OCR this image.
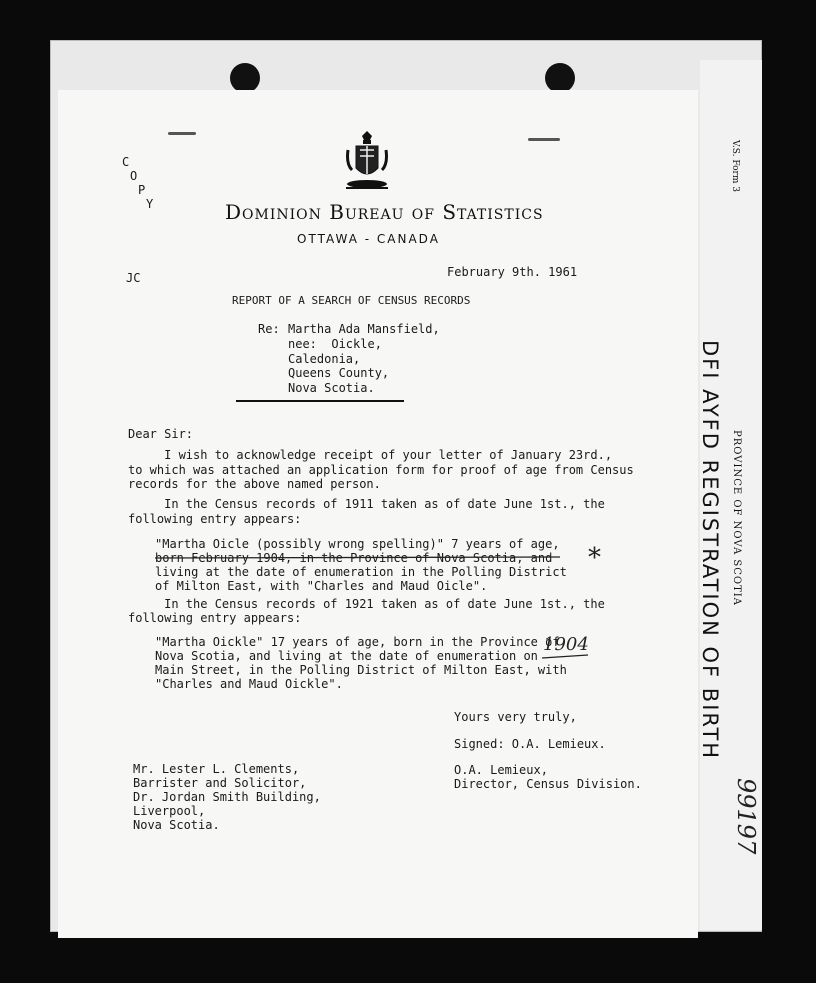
V.S. Form 3
PROVINCE OF NOVA SCOTIA
DFI AYFD REGISTRATION OF BIRTH
99197

C
O
P
Y
JC
Dominion Bureau of Statistics
OTTAWA - CANADA
February 9th. 1961
REPORT OF A SEARCH OF CENSUS RECORDS
Re: Martha Ada Mansfield,
nee:  Oickle,
Caledonia,
Queens County,
Nova Scotia.
Dear Sir:
I wish to acknowledge receipt of your letter of January 23rd.,
to which was attached an application form for proof of age from Census
records for the above named person.
In the Census records of 1911 taken as of date June 1st., the
following entry appears:
"Martha Oicle (possibly wrong spelling)" 7 years of age,
born February 1904, in the Province of Nova Scotia, and
living at the date of enumeration in the Polling District
of Milton East, with "Charles and Maud Oicle".
*
In the Census records of 1921 taken as of date June 1st., the
following entry appears:
"Martha Oickle" 17 years of age, born in the Province of
Nova Scotia, and living at the date of enumeration on
Main Street, in the Polling District of Milton East, with
"Charles and Maud Oickle".
1904
Yours very truly,
Signed: O.A. Lemieux.
O.A. Lemieux,
Director, Census Division.
Mr. Lester L. Clements,
Barrister and Solicitor,
Dr. Jordan Smith Building,
Liverpool,
Nova Scotia.
